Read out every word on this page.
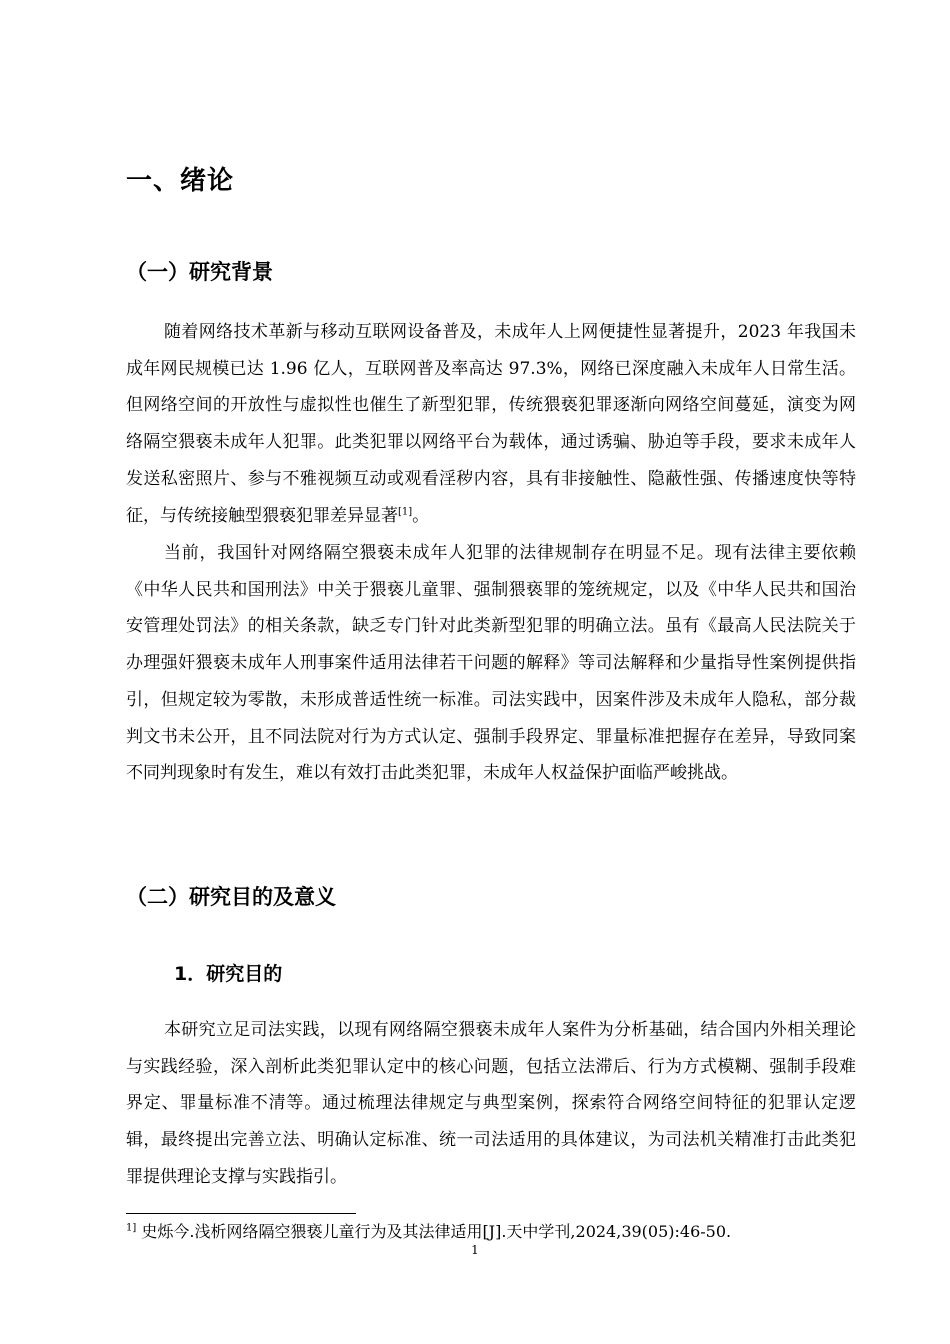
一、绪论
（一）研究背景

随着网络技术革新与移动互联网设备普及，未成年人上网便捷性显著提升，2023 年我国未成年网民规模已达 1.96 亿人，互联网普及率高达 97.3%，网络已深度融入未成年人日常生活。但网络空间的开放性与虚拟性也催生了新型犯罪，传统猥亵犯罪逐渐向网络空间蔓延，演变为网络隔空猥亵未成年人犯罪。此类犯罪以网络平台为载体，通过诱骗、胁迫等手段，要求未成年人发送私密照片、参与不雅视频互动或观看淫秽内容，具有非接触性、隐蔽性强、传播速度快等特征，与传统接触型猥亵犯罪差异显著[1]。

当前，我国针对网络隔空猥亵未成年人犯罪的法律规制存在明显不足。现有法律主要依赖《中华人民共和国刑法》中关于猥亵儿童罪、强制猥亵罪的笼统规定，以及《中华人民共和国治安管理处罚法》的相关条款，缺乏专门针对此类新型犯罪的明确立法。虽有《最高人民法院关于办理强奸猥亵未成年人刑事案件适用法律若干问题的解释》等司法解释和少量指导性案例提供指引，但规定较为零散，未形成普适性统一标准。司法实践中，因案件涉及未成年人隐私，部分裁判文书未公开，且不同法院对行为方式认定、强制手段界定、罪量标准把握存在差异，导致同案不同判现象时有发生，难以有效打击此类犯罪，未成年人权益保护面临严峻挑战。

（二）研究目的及意义
1．研究目的

本研究立足司法实践，以现有网络隔空猥亵未成年人案件为分析基础，结合国内外相关理论与实践经验，深入剖析此类犯罪认定中的核心问题，包括立法滞后、行为方式模糊、强制手段难界定、罪量标准不清等。通过梳理法律规定与典型案例，探索符合网络空间特征的犯罪认定逻辑，最终提出完善立法、明确认定标准、统一司法适用的具体建议，为司法机关精准打击此类犯罪提供理论支撑与实践指引。

$^{1]}$ 史烁今.浅析网络隔空猥亵儿童行为及其法律适用[J].天中学刊,2024,39(05):46-50.

1
